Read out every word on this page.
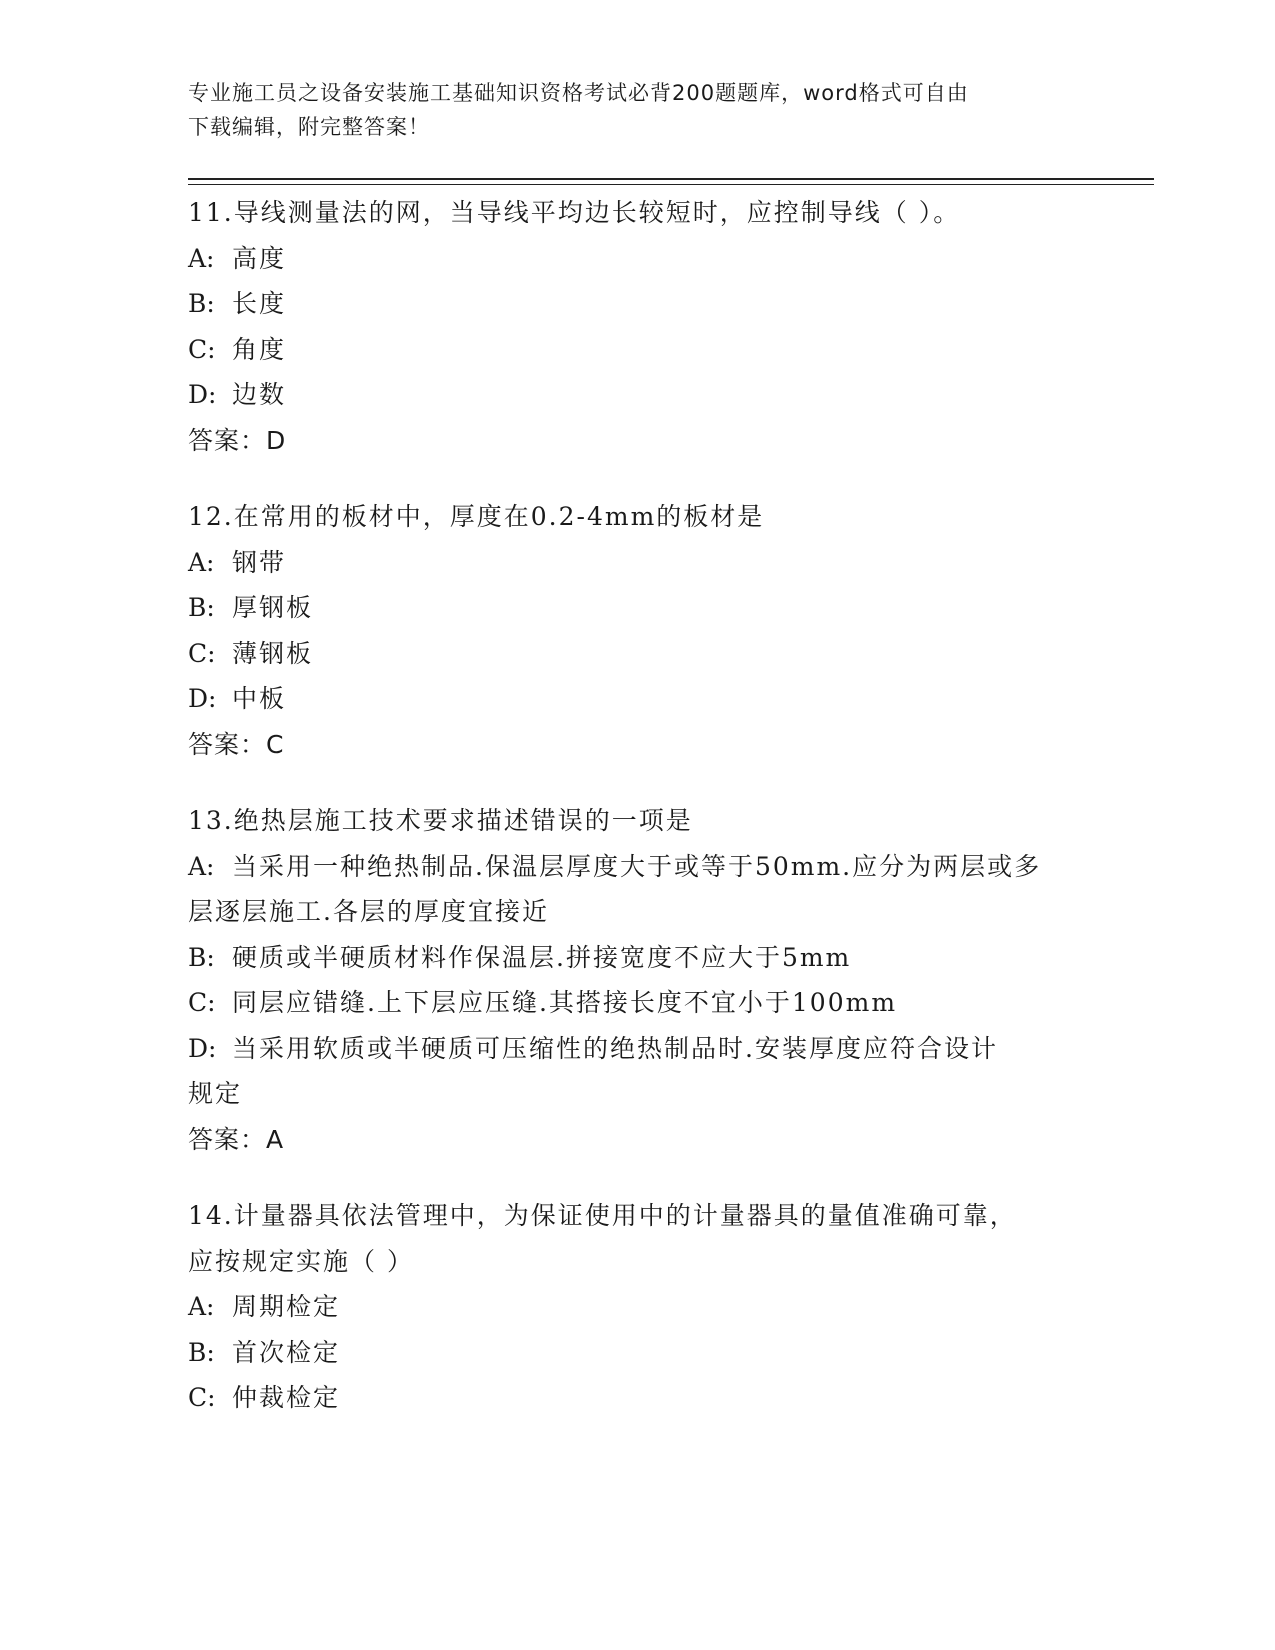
专业施工员之设备安装施工基础知识资格考试必背200题题库，word格式可自由
下载编辑，附完整答案！
11.导线测量法的网，当导线平均边长较短时，应控制导线（ ）。
A: 高度
B: 长度
C: 角度
D: 边数
答案：D
12.在常用的板材中，厚度在0.2-4mm的板材是
A: 钢带
B: 厚钢板
C: 薄钢板
D: 中板
答案：C
13.绝热层施工技术要求描述错误的一项是
A: 当采用一种绝热制品.保温层厚度大于或等于50mm.应分为两层或多
层逐层施工.各层的厚度宜接近
B: 硬质或半硬质材料作保温层.拼接宽度不应大于5mm
C: 同层应错缝.上下层应压缝.其搭接长度不宜小于100mm
D: 当采用软质或半硬质可压缩性的绝热制品时.安装厚度应符合设计
规定
答案：A
14.计量器具依法管理中，为保证使用中的计量器具的量值准确可靠，
应按规定实施（ ）
A: 周期检定
B: 首次检定
C: 仲裁检定
